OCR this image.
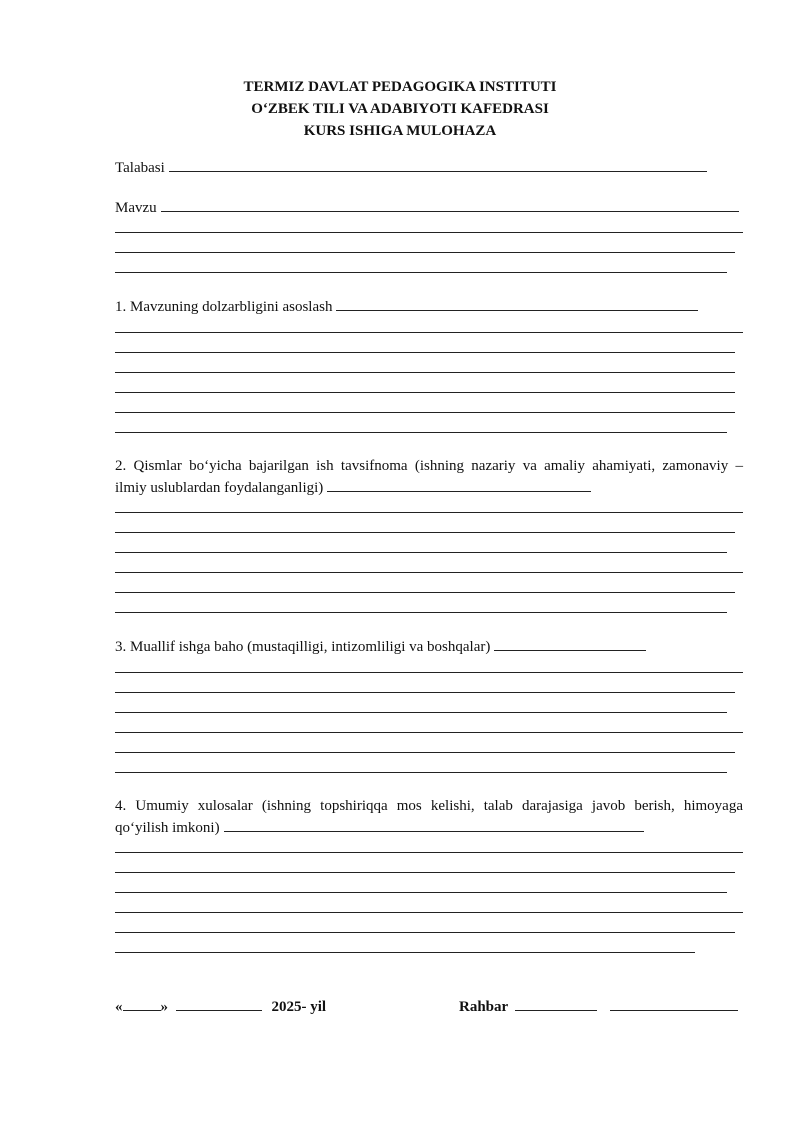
TERMIZ DAVLAT PEDAGOGIKA INSTITUTI
O‘ZBEK TILI VA ADABIYOTI KAFEDRASI
KURS ISHIGA MULOHAZA
Talabasi
Mavzu
1. Mavzuning dolzarbligini asoslash
2. Qismlar bo‘yicha bajarilgan ish tavsifnoma (ishning nazariy va amaliy ahamiyati, zamonaviy –
ilmiy uslublardan foydalanganligi)
3. Muallif ishga baho (mustaqilligi, intizomliligi va boshqalar)
4. Umumiy xulosalar (ishning topshiriqqa mos kelishi, talab darajasiga javob berish, himoyaga
qo‘yilish imkoni)
«	»	2025- yil	Rahbar
